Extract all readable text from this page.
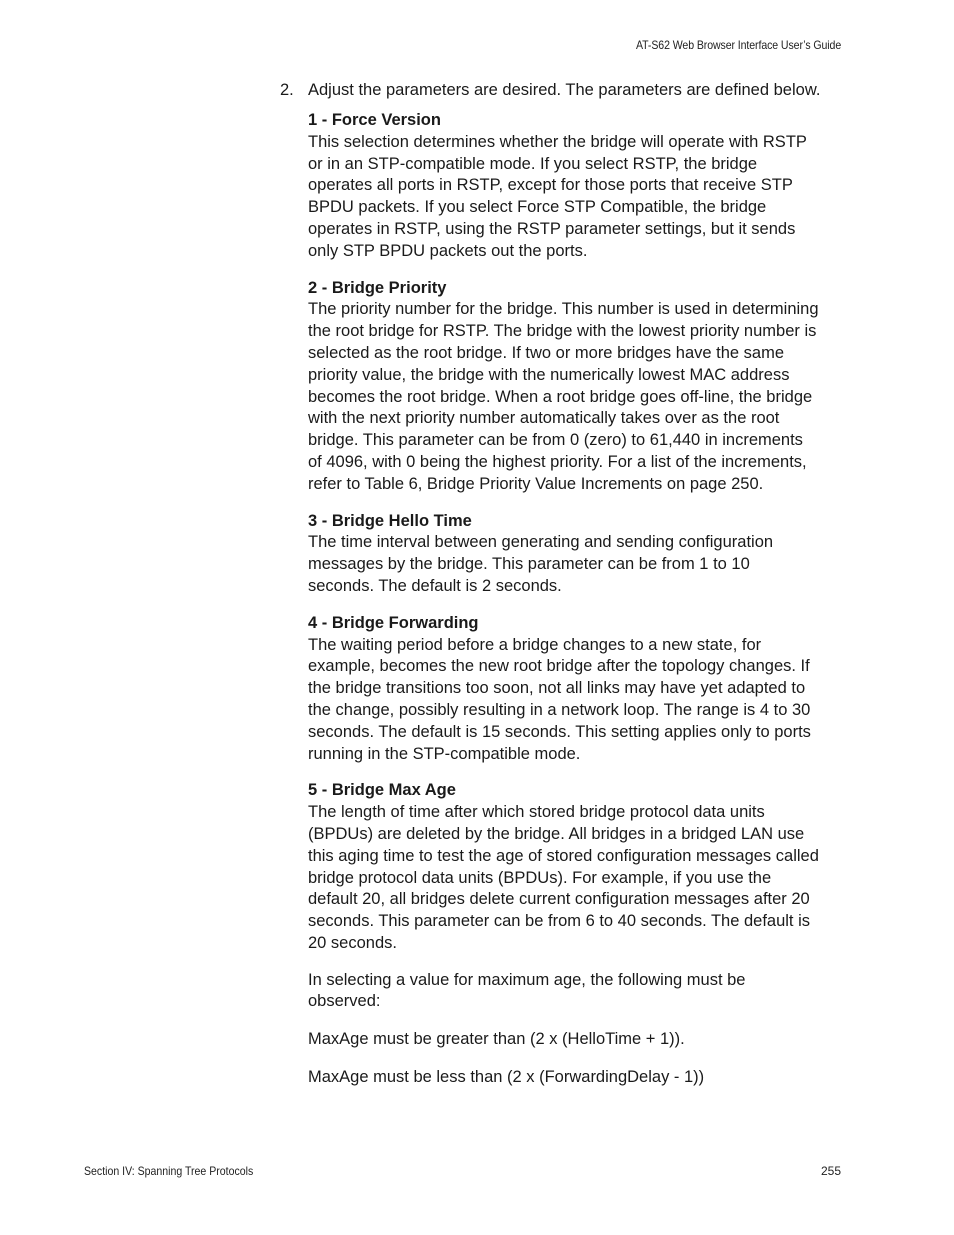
AT-S62 Web Browser Interface User’s Guide
2. Adjust the parameters are desired. The parameters are defined below.

1 - Force Version

This selection determines whether the bridge will operate with RSTP or in an STP-compatible mode. If you select RSTP, the bridge operates all ports in RSTP, except for those ports that receive STP BPDU packets. If you select Force STP Compatible, the bridge operates in RSTP, using the RSTP parameter settings, but it sends only STP BPDU packets out the ports.

2 - Bridge Priority

The priority number for the bridge. This number is used in determining the root bridge for RSTP. The bridge with the lowest priority number is selected as the root bridge. If two or more bridges have the same priority value, the bridge with the numerically lowest MAC address becomes the root bridge. When a root bridge goes off-line, the bridge with the next priority number automatically takes over as the root bridge. This parameter can be from 0 (zero) to 61,440 in increments of 4096, with 0 being the highest priority. For a list of the increments, refer to Table 6, Bridge Priority Value Increments on page 250.

3 - Bridge Hello Time

The time interval between generating and sending configuration messages by the bridge. This parameter can be from 1 to 10 seconds. The default is 2 seconds.

4 - Bridge Forwarding

The waiting period before a bridge changes to a new state, for example, becomes the new root bridge after the topology changes. If the bridge transitions too soon, not all links may have yet adapted to the change, possibly resulting in a network loop. The range is 4 to 30 seconds. The default is 15 seconds. This setting applies only to ports running in the STP-compatible mode.

5 - Bridge Max Age

The length of time after which stored bridge protocol data units (BPDUs) are deleted by the bridge. All bridges in a bridged LAN use this aging time to test the age of stored configuration messages called bridge protocol data units (BPDUs). For example, if you use the default 20, all bridges delete current configuration messages after 20 seconds. This parameter can be from 6 to 40 seconds. The default is 20 seconds.

In selecting a value for maximum age, the following must be observed:

MaxAge must be greater than (2 x (HelloTime + 1)).

MaxAge must be less than (2 x (ForwardingDelay - 1))

Section IV: Spanning Tree Protocols	255
